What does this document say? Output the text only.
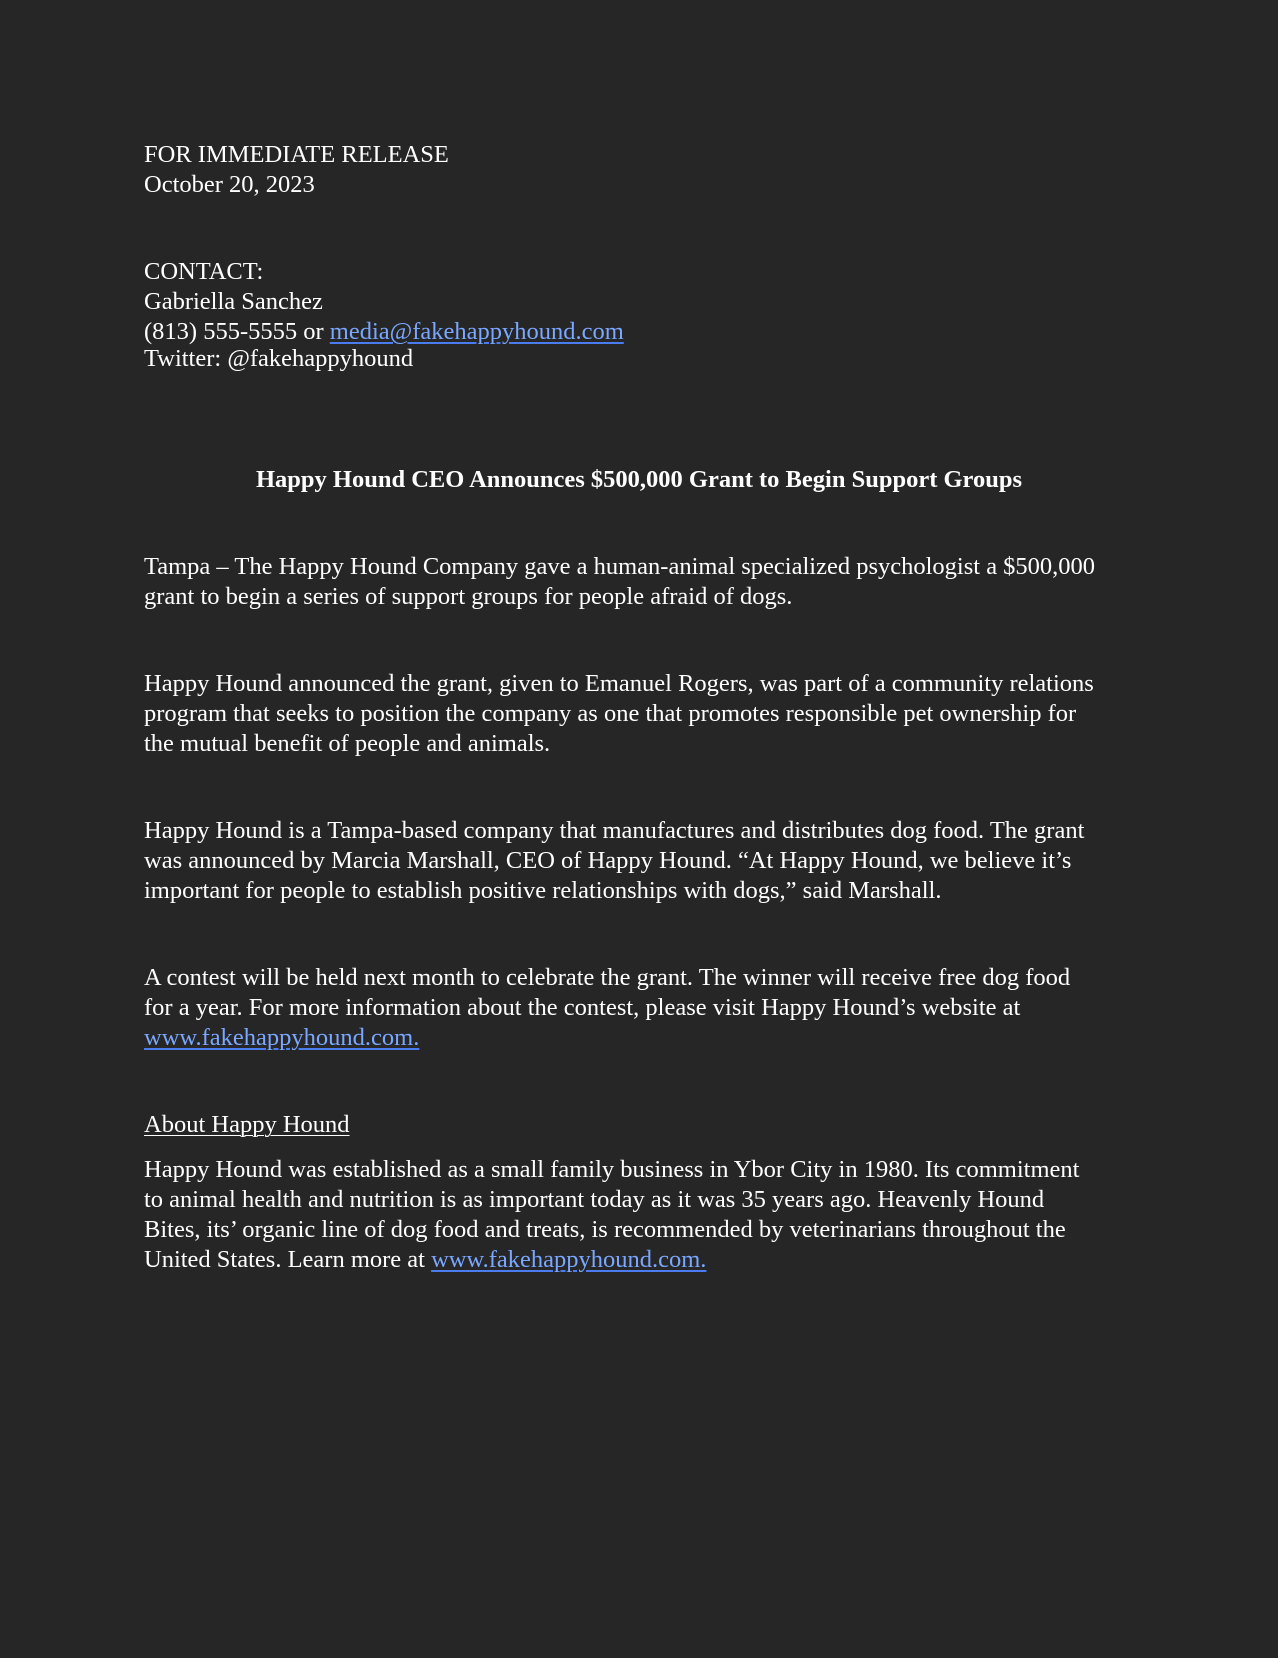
FOR IMMEDIATE RELEASE
October 20, 2023
CONTACT:
Gabriella Sanchez
(813) 555-5555 or media@fakehappyhound.com
Twitter: @fakehappyhound
Happy Hound CEO Announces $500,000 Grant to Begin Support Groups
Tampa – The Happy Hound Company gave a human-animal specialized psychologist a $500,000
grant to begin a series of support groups for people afraid of dogs.
Happy Hound announced the grant, given to Emanuel Rogers, was part of a community relations
program that seeks to position the company as one that promotes responsible pet ownership for
the mutual benefit of people and animals.
Happy Hound is a Tampa-based company that manufactures and distributes dog food. The grant
was announced by Marcia Marshall, CEO of Happy Hound. “At Happy Hound, we believe it’s
important for people to establish positive relationships with dogs,” said Marshall.
A contest will be held next month to celebrate the grant. The winner will receive free dog food
for a year. For more information about the contest, please visit Happy Hound’s website at
www.fakehappyhound.com.
About Happy Hound
Happy Hound was established as a small family business in Ybor City in 1980. Its commitment
to animal health and nutrition is as important today as it was 35 years ago. Heavenly Hound
Bites, its’ organic line of dog food and treats, is recommended by veterinarians throughout the
United States. Learn more at www.fakehappyhound.com.
